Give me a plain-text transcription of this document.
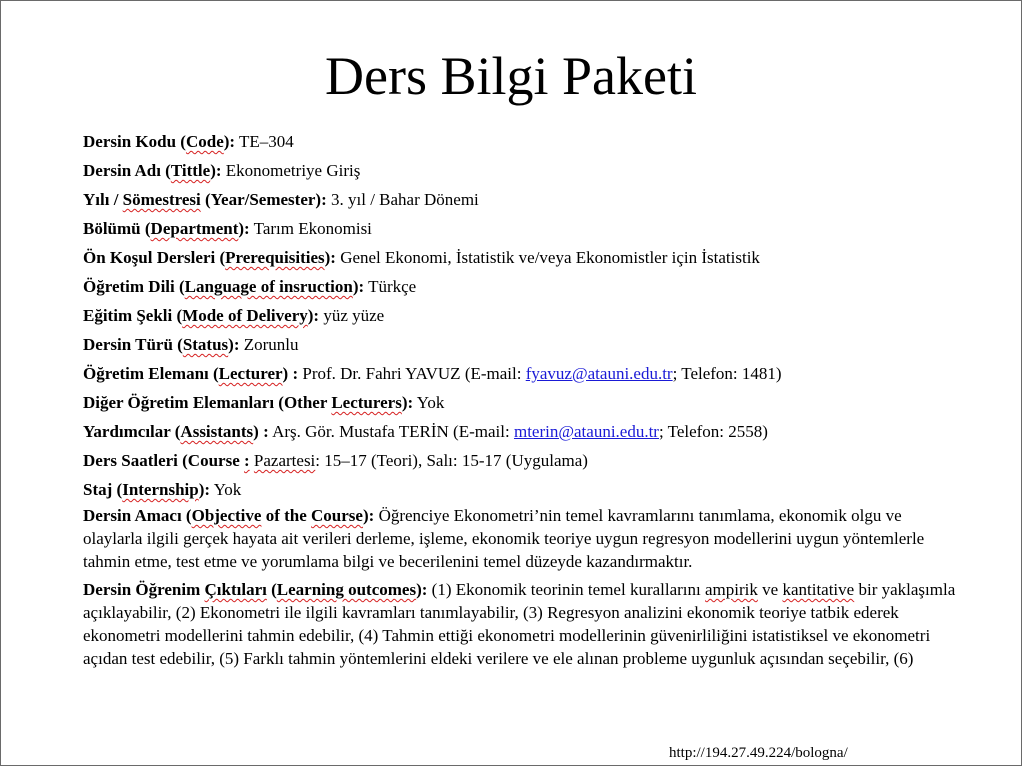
Ders Bilgi Paketi
Dersin Kodu (Code): TE–304
Dersin Adı (Tittle): Ekonometriye Giriş
Yılı / Sömestresi (Year/Semester): 3. yıl / Bahar Dönemi
Bölümü (Department): Tarım Ekonomisi
Ön Koşul Dersleri (Prerequisities): Genel Ekonomi, İstatistik ve/veya Ekonomistler için İstatistik
Öğretim Dili (Language of insruction): Türkçe
Eğitim Şekli (Mode of Delivery): yüz yüze
Dersin Türü (Status): Zorunlu
Öğretim Elemanı (Lecturer) : Prof. Dr. Fahri YAVUZ (E-mail: fyavuz@atauni.edu.tr; Telefon: 1481)
Diğer Öğretim Elemanları (Other Lecturers): Yok
Yardımcılar (Assistants) : Arş. Gör. Mustafa TERİN (E-mail: mterin@atauni.edu.tr; Telefon: 2558)
Ders Saatleri (Course : Pazartesi: 15–17 (Teori), Salı: 15-17 (Uygulama)
Staj (Internship): Yok
Dersin Amacı (Objective of the Course): Öğrenciye Ekonometri’nin temel kavramlarını tanımlama, ekonomik olgu ve olaylarla ilgili gerçek hayata ait verileri derleme, işleme, ekonomik teoriye uygun regresyon modellerini uygun yöntemlerle tahmin etme, test etme ve yorumlama bilgi ve becerilenini temel düzeyde kazandırmaktır.
Dersin Öğrenim Çıktıları (Learning outcomes): (1) Ekonomik teorinin temel kurallarını ampirik ve kantitative bir yaklaşımla açıklayabilir, (2) Ekonometri ile ilgili kavramları tanımlayabilir, (3) Regresyon analizini ekonomik teoriye tatbik ederek ekonometri modellerini tahmin edebilir, (4) Tahmin ettiği ekonometri modellerinin güvenirliliğini istatistiksel ve ekonometri açıdan test edebilir, (5) Farklı tahmin yöntemlerini eldeki verilere ve ele alınan probleme uygunluk açısından seçebilir, (6)
http://194.27.49.224/bologna/
